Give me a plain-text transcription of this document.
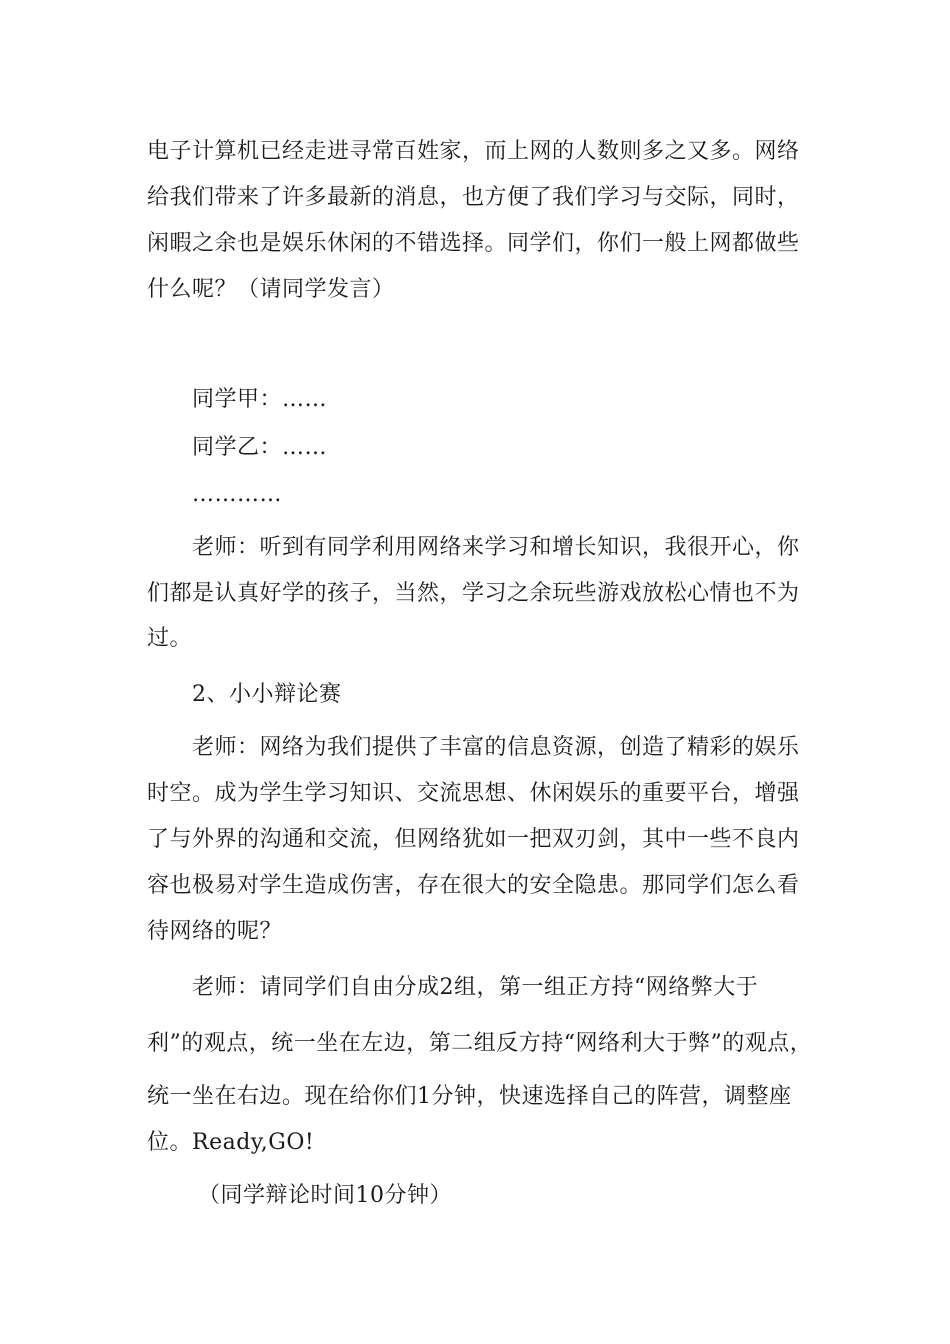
电子计算机已经走进寻常百姓家，而上网的人数则多之又多。网络
给我们带来了许多最新的消息，也方便了我们学习与交际，同时，
闲暇之余也是娱乐休闲的不错选择。同学们，你们一般上网都做些
什么呢？（请同学发言）
同学甲：……
同学乙：……
…………
老师：听到有同学利用网络来学习和增长知识，我很开心，你
们都是认真好学的孩子，当然，学习之余玩些游戏放松心情也不为
过。
2、小小辩论赛
老师：网络为我们提供了丰富的信息资源，创造了精彩的娱乐
时空。成为学生学习知识、交流思想、休闲娱乐的重要平台，增强
了与外界的沟通和交流，但网络犹如一把双刃剑，其中一些不良内
容也极易对学生造成伤害，存在很大的安全隐患。那同学们怎么看
待网络的呢？
老师：请同学们自由分成2组，第一组正方持“网络弊大于
利”的观点，统一坐在左边，第二组反方持“网络利大于弊”的观点，
统一坐在右边。现在给你们1分钟，快速选择自己的阵营，调整座
位。Ready,GO!
（同学辩论时间10分钟）
